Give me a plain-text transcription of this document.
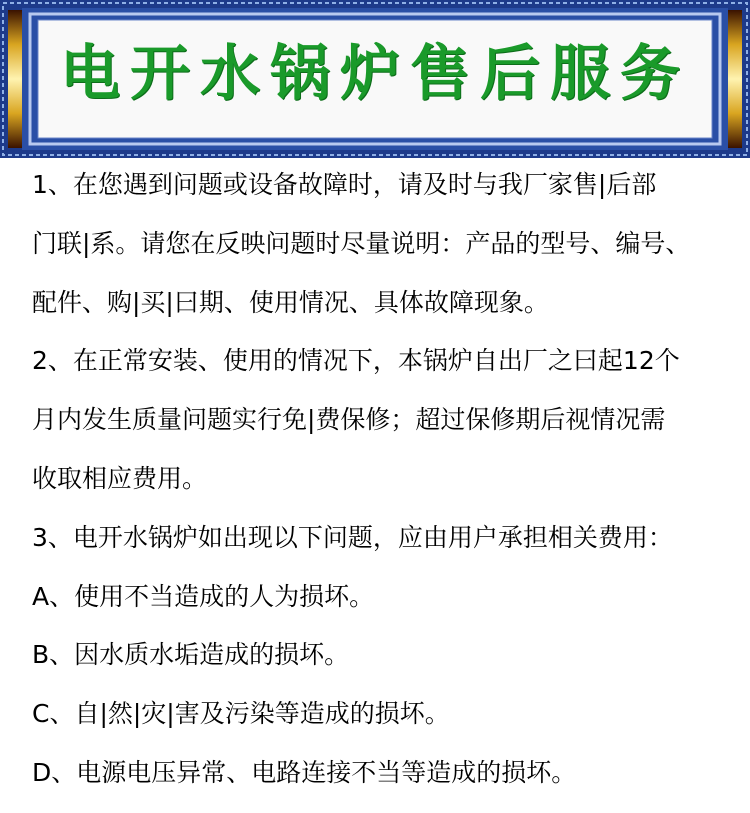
电开水锅炉售后服务
1、在您遇到问题或设备故障时，请及时与我厂家售|后部
门联|系。请您在反映问题时尽量说明：产品的型号、编号、
配件、购|买|曰期、使用情况、具体故障现象。
2、在正常安装、使用的情况下，本锅炉自出厂之曰起12个
月内发生质量问题实行免|费保修；超过保修期后视情况需
收取相应费用。
3、电开水锅炉如出现以下问题，应由用户承担相关费用：
A、使用不当造成的人为损坏。
B、因水质水垢造成的损坏。
C、自|然|灾|害及污染等造成的损坏。
D、电源电压异常、电路连接不当等造成的损坏。
